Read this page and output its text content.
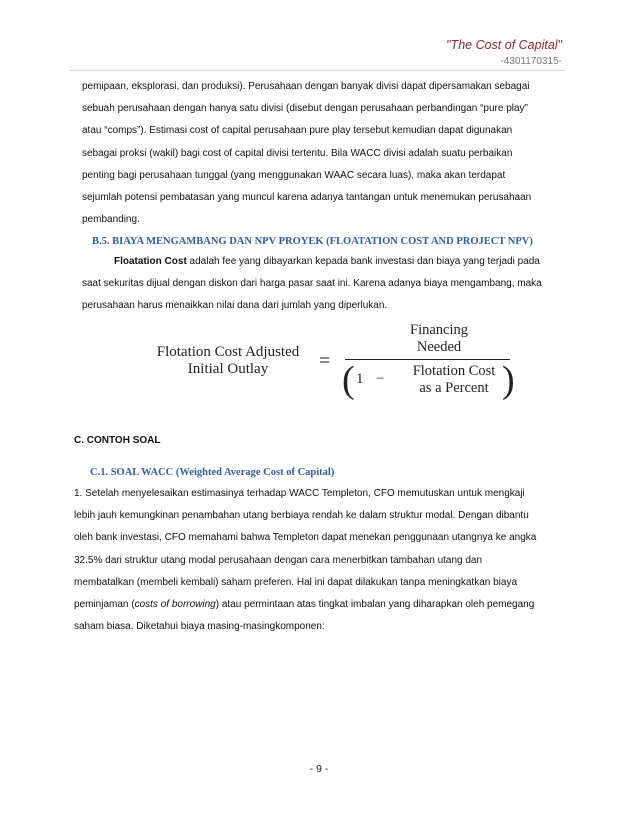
"The Cost of Capital"
-4301170315-
pemipaan, eksplorasi, dan produksi). Perusahaan dengan banyak divisi dapat dipersamakan sebagai
sebuah perusahaan dengan hanya satu divisi (disebut dengan perusahaan perbandingan “pure play”
atau “comps”). Estimasi cost of capital perusahaan pure play tersebut kemudian dapat digunakan
sebagai proksi (wakil) bagi cost of capital divisi tertentu. Bila WACC divisi adalah suatu perbaikan
penting bagi perusahaan tunggal (yang menggunakan WAAC secara luas), maka akan terdapat
sejumlah potensi pembatasan yang muncul karena adanya tantangan untuk menemukan perusahaan
pembanding.
B.5. BIAYA MENGAMBANG DAN NPV PROYEK (FLOATATION COST AND PROJECT NPV)
Floatation Cost adalah fee yang dibayarkan kepada bank investasi dan biaya yang terjadi pada
saat sekuritas dijual dengan diskon dari harga pasar saat ini. Karena adanya biaya mengambang, maka
perusahaan harus menaikkan nilai dana dari jumlah yang diperlukan.
Flotation Cost Adjusted
Initial Outlay	=
Financing
Needed
( 1 −	Flotation Cost
as a Percent )
C. CONTOH SOAL
C.1. SOAL WACC (Weighted Average Cost of Capital)
1. Setelah menyelesaikan estimasinya terhadap WACC Templeton, CFO memutuskan untuk mengkaji
lebih jauh kemungkinan penambahan utang berbiaya rendah ke dalam struktur modal. Dengan dibantu
oleh bank investasi, CFO memahami bahwa Templeton dapat menekan penggunaan utangnya ke angka
32.5% dari struktur utang modal perusahaan dengan cara menerbitkan tambahan utang dan
membatalkan (membeli kembali) saham preferen. Hal ini dapat dilakukan tanpa meningkatkan biaya
peminjaman (costs of borrowing) atau permintaan atas tingkat imbalan yang diharapkan oleh pemegang
saham biasa. Diketahui biaya masing-masingkomponen:
- 9 -
